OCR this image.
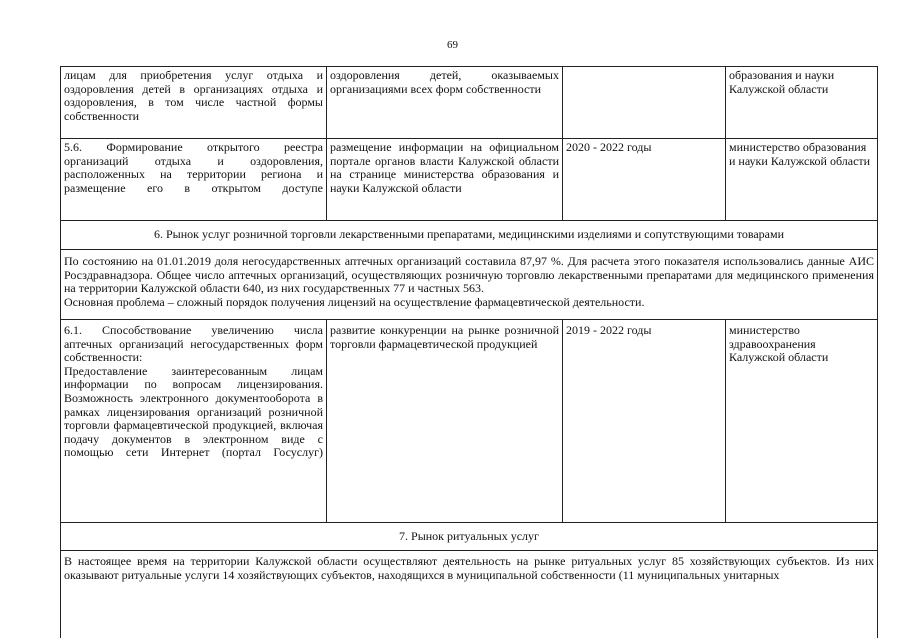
69
лицам для приобретения услуг отдыха и оздоровления детей в организациях отдыха и оздоровления, в том числе частной формы собственности
оздоровления детей, оказываемых организациями всех форм собственности
образования и науки Калужской области
5.6. Формирование открытого реестра организаций отдыха и оздоровления, расположенных на территории региона и размещение его в открытом доступе
размещение информации на официальном портале органов власти Калужской области на странице министерства образования и науки Калужской области
2020 - 2022 годы	министерство образования и науки Калужской области
6. Рынок услуг розничной торговли лекарственными препаратами, медицинскими изделиями и сопутствующими товарами

По состоянию на 01.01.2019 доля негосударственных аптечных организаций составила 87,97 %. Для расчета этого показателя использовались данные АИС Росздравнадзора. Общее число аптечных организаций, осуществляющих розничную торговлю лекарственными препаратами для медицинского применения на территории Калужской области 640, из них государственных 77 и частных 563.

Основная проблема – сложный порядок получения лицензий на осуществление фармацевтической деятельности.

6.1. Способствование увеличению числа аптечных организаций негосударственных форм собственности:

Предоставление заинтересованным лицам информации по вопросам лицензирования.

Возможность электронного документооборота в рамках лицензирования организаций розничной торговли фармацевтической продукцией, включая подачу документов в электронном виде с помощью сети Интернет (портал Госуслуг)

развитие конкуренции на рынке розничной торговли фармацевтической продукцией
2019 - 2022 годы	министерство здравоохранения Калужской области
7. Рынок ритуальных услуг
В настоящее время на территории Калужской области осуществляют деятельность на рынке ритуальных услуг 85 хозяйствующих субъектов. Из них оказывают ритуальные услуги 14 хозяйствующих субъектов, находящихся в муниципальной собственности (11 муниципальных унитарных
